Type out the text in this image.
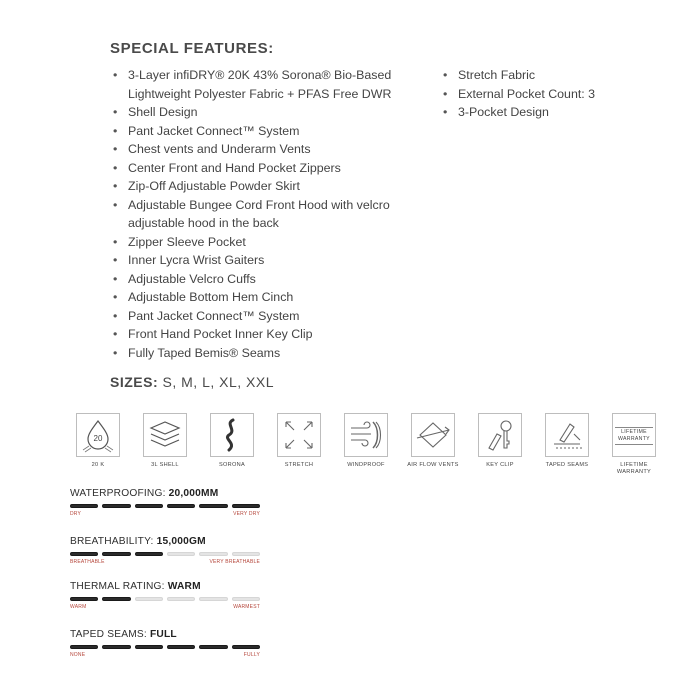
SPECIAL FEATURES:
• 3-Layer infiDRY® 20K 43% Sorona® Bio-Based Lightweight Polyester Fabric + PFAS Free DWR
• Shell Design
• Pant Jacket Connect™ System
• Chest vents and Underarm Vents
• Center Front and Hand Pocket Zippers
• Zip-Off Adjustable Powder Skirt
• Adjustable Bungee Cord Front Hood with velcro adjustable hood in the back
• Zipper Sleeve Pocket
• Inner Lycra Wrist Gaiters
• Adjustable Velcro Cuffs
• Adjustable Bottom Hem Cinch
• Pant Jacket Connect™ System
• Front Hand Pocket Inner Key Clip
• Fully Taped Bemis® Seams
• Stretch Fabric
• External Pocket Count: 3
• 3-Pocket Design
SIZES: S, M, L, XL, XXL
20
20 K	3L SHELL	SORONA	STRETCH	WINDPROOF	AIR FLOW VENTS	KEY CLIP	TAPED SEAMS
LIFETIME WARRANTY
LIFETIME WARRANTY
WATERPROOFING: 20,000MM
DRY	VERY DRY
BREATHABILITY: 15,000GM
BREATHABLE	VERY BREATHABLE
THERMAL RATING: WARM
WARM	WARMEST
TAPED SEAMS: FULL
NONE	FULLY
